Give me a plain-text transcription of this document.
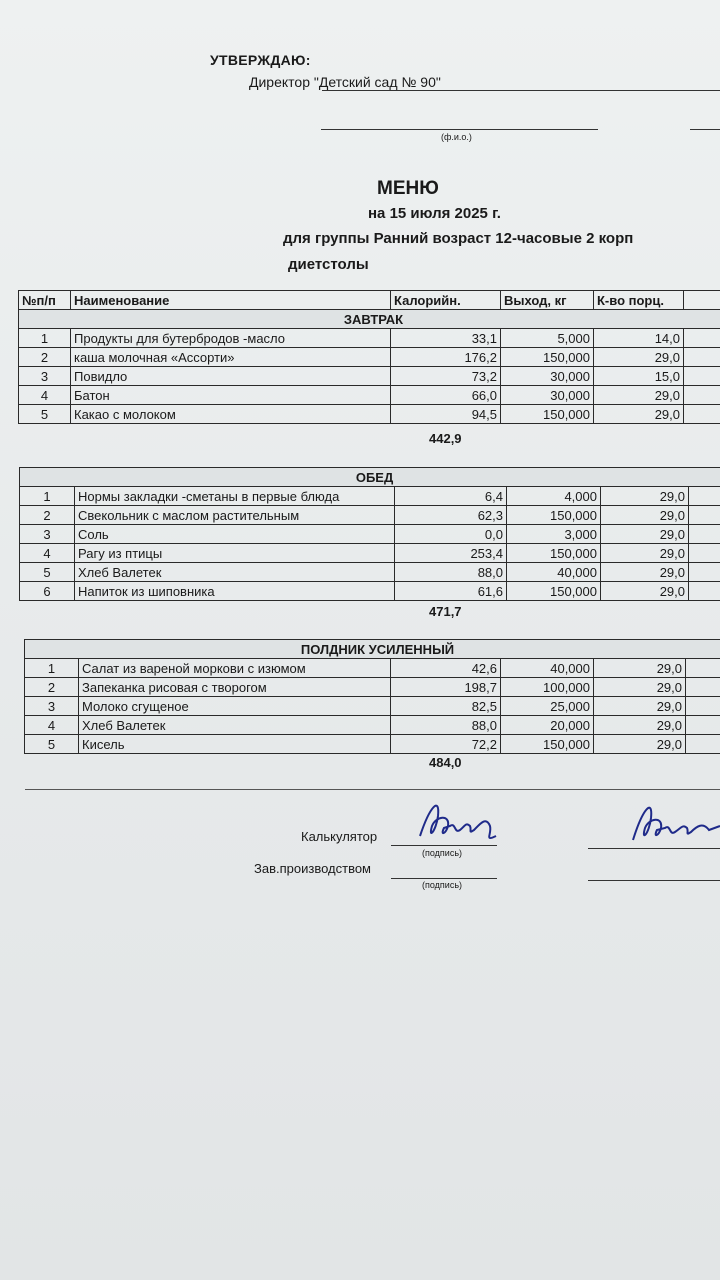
УТВЕРЖДАЮ:
Директор "Детский сад № 90"
(ф.и.о.)
МЕНЮ
на 15 июля 2025 г.
для группы Ранний возраст 12-часовые 2 корп
диетстолы
№п/п	Наименование	Калорийн.	Выход, кг	К-во порц.	
ЗАВТРАК					
1	Продукты для бутербродов -масло	33,1	5,000	14,0	
2	каша молочная «Ассорти»	176,2	150,000	29,0	
3	Повидло	73,2	30,000	15,0	
4	Батон	66,0	30,000	29,0	
5	Какао с молоком	94,5	150,000	29,0	
442,9
ОБЕД					
1	Нормы закладки -сметаны в первые блюда	6,4	4,000	29,0	
2	Свекольник с маслом растительным	62,3	150,000	29,0	
3	Соль	0,0	3,000	29,0	
4	Рагу из птицы	253,4	150,000	29,0	
5	Хлеб Валетек	88,0	40,000	29,0	
6	Напиток из шиповника	61,6	150,000	29,0	
471,7
ПОЛДНИК УСИЛЕННЫЙ					
1	Салат из вареной моркови с изюмом	42,6	40,000	29,0	
2	Запеканка рисовая с творогом	198,7	100,000	29,0	
3	Молоко сгущеное	82,5	25,000	29,0	
4	Хлеб Валетек	88,0	20,000	29,0	
5	Кисель	72,2	150,000	29,0	
484,0
Калькулятор
(подпись)
Зав.производством
(подпись)
